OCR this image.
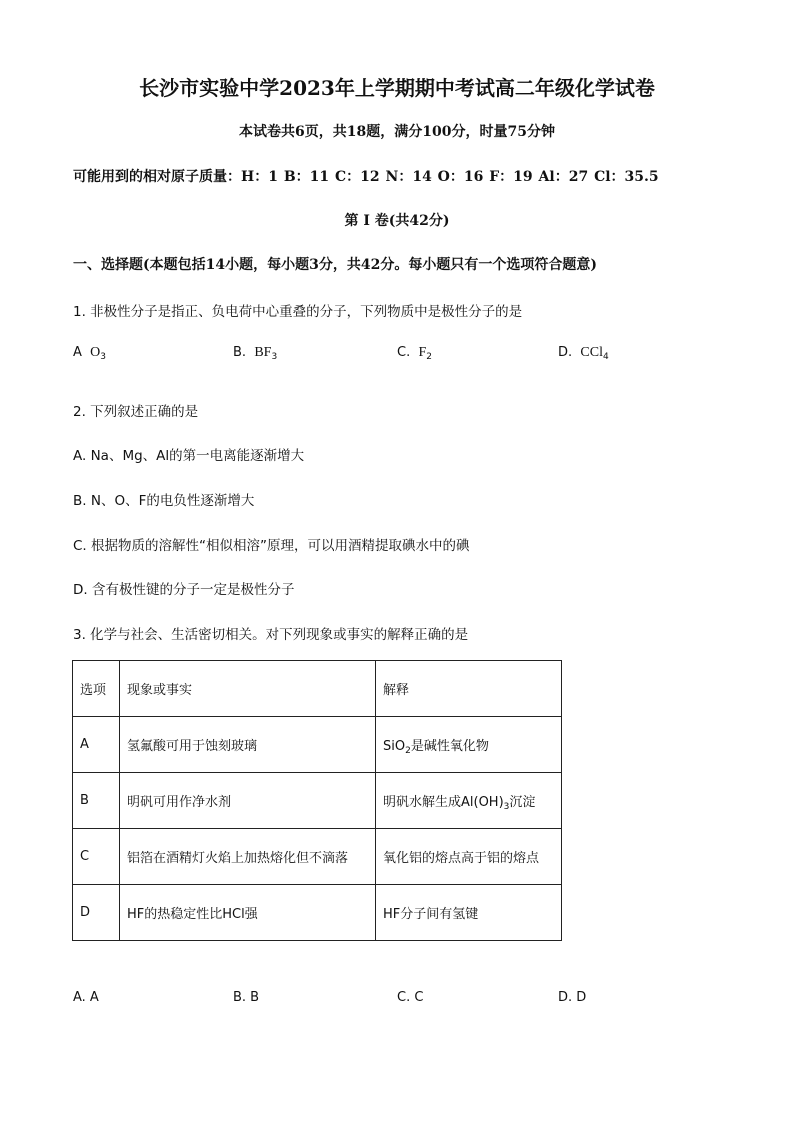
长沙市实验中学2023年上学期期中考试高二年级化学试卷
本试卷共6页，共18题，满分100分，时量75分钟
可能用到的相对原子质量：H：1 B：11 C：12 N：14 O：16 F：19 Al：27 Cl：35.5
第 I 卷(共42分)
一、选择题(本题包括14小题，每小题3分，共42分。每小题只有一个选项符合题意)
1. 非极性分子是指正、负电荷中心重叠的分子，下列物质中是极性分子的是
A $O_3$	B. $BF_3$	C. $F_2$	D. CCl$_4$
2. 下列叙述正确的是
A. Na、Mg、Al的第一电离能逐渐增大
B. N、O、F的电负性逐渐增大
C. 根据物质的溶解性“相似相溶”原理，可以用酒精提取碘水中的碘
D. 含有极性键的分子一定是极性分子
3. 化学与社会、生活密切相关。对下列现象或事实的解释正确的是
选项	现象或事实	解释
A	氢氟酸可用于蚀刻玻璃	SiO$_2$是碱性氧化物
B	明矾可用作净水剂	明矾水解生成$Al(OH)_3$沉淀
C	铝箔在酒精灯火焰上加热熔化但不滴落	氧化铝的熔点高于铝的熔点
D	HF的热稳定性比HCl强	HF分子间有氢键
A. A	B. B	C. C	D. D
